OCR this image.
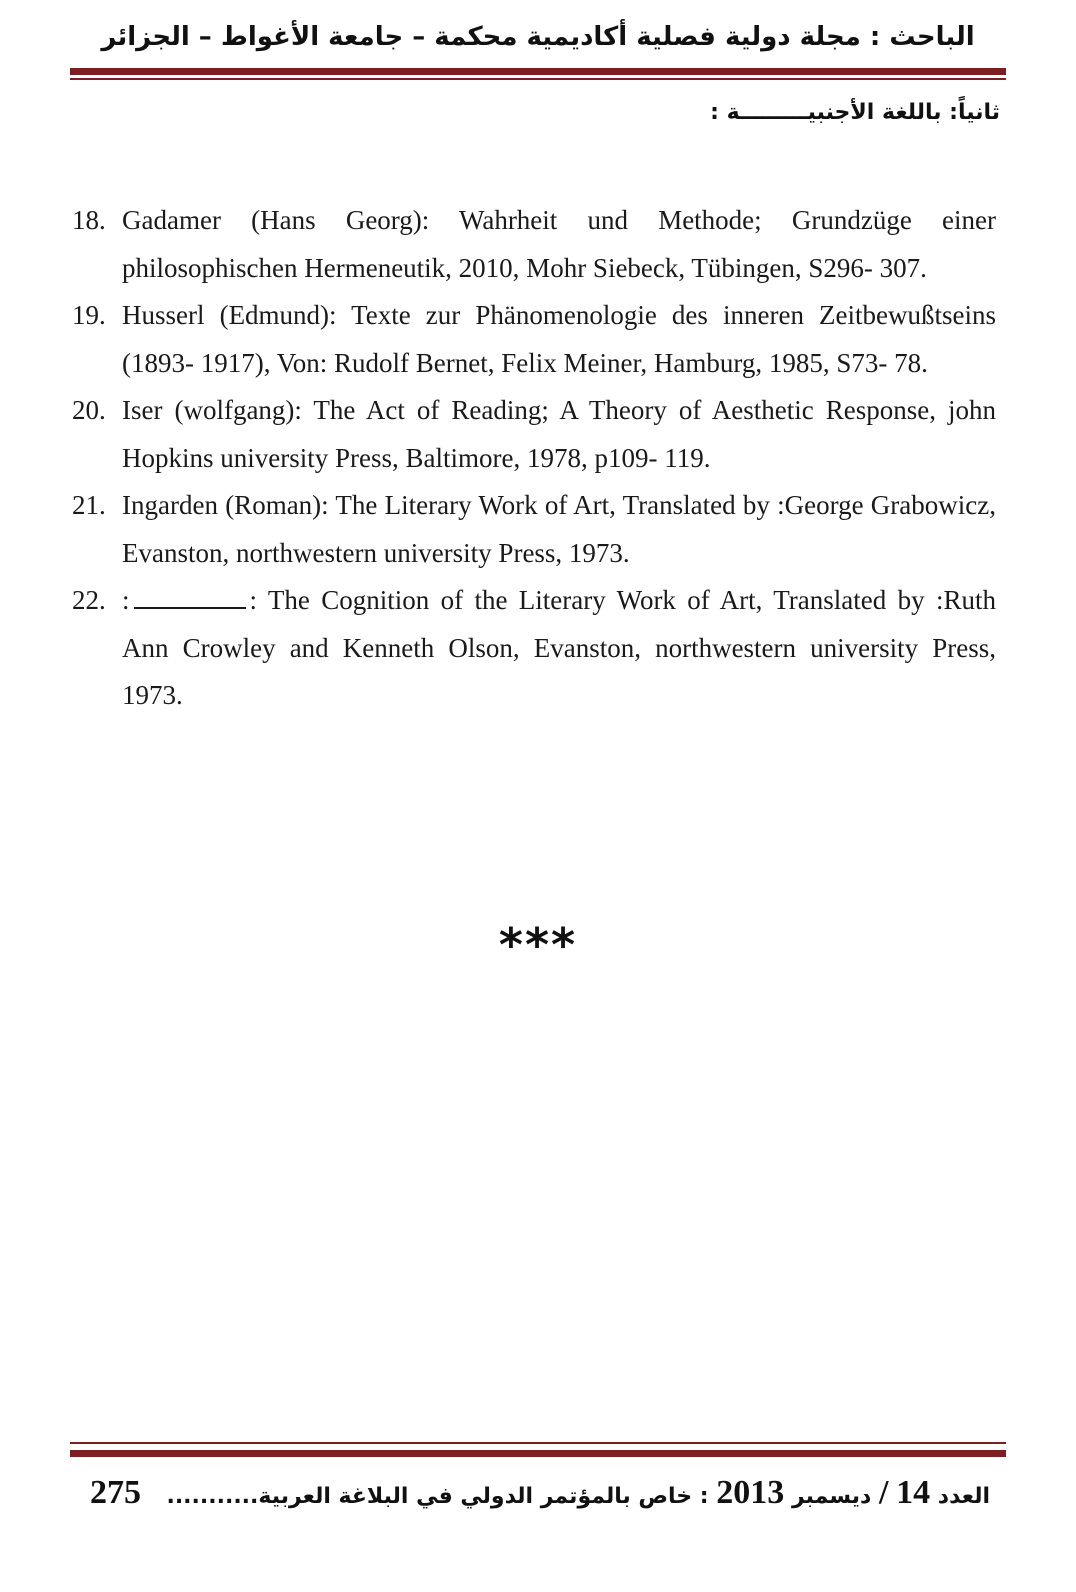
الباحث : مجلة دولية فصلية أكاديمية محكمة – جامعة الأغواط – الجزائر
ثانياً: باللغة الأجنبيـــــــــة :
18. Gadamer (Hans Georg): Wahrheit und Methode; Grundzüge einer philosophischen Hermeneutik, 2010, Mohr Siebeck, Tübingen, S296- 307.
19. Husserl (Edmund): Texte zur Phänomenologie des inneren Zeitbewußtseins (1893- 1917), Von: Rudolf Bernet, Felix Meiner, Hamburg, 1985, S73- 78.
20. Iser (wolfgang): The Act of Reading; A Theory of Aesthetic Response, john Hopkins university Press, Baltimore, 1978, p109- 119.
21. Ingarden (Roman): The Literary Work of Art, Translated by :George Grabowicz, Evanston, northwestern university Press, 1973.
22. :	: The Cognition of the Literary Work of Art, Translated by :Ruth Ann Crowley and Kenneth Olson, Evanston, northwestern university Press, 1973.
***
العدد 14 / ديسمبر 2013 : خاص بالمؤتمر الدولي في البلاغة العربية...........
275
